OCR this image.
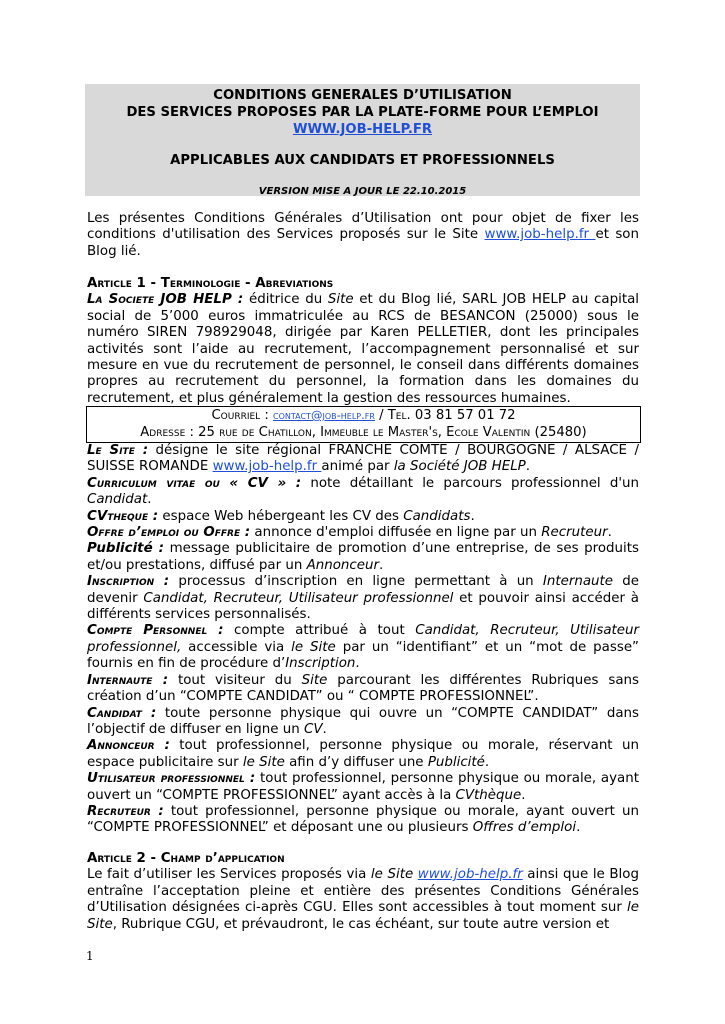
CONDITIONS GENERALES D’UTILISATION
DES SERVICES PROPOSES PAR LA PLATE-FORME POUR L’EMPLOI
WWW.JOB-HELP.FR
APPLICABLES AUX CANDIDATS ET PROFESSIONNELS
VERSION MISE A JOUR LE 22.10.2015

Les présentes Conditions Générales d’Utilisation ont pour objet de fixer les conditions d'utilisation des Services proposés sur le Site www.job-help.fr et son Blog lié.

Article 1 - Terminologie - Abreviations

La Societe JOB HELP : éditrice du Site et du Blog lié, SARL JOB HELP au capital social de 5’000 euros immatriculée au RCS de BESANCON (25000) sous le numéro SIREN 798929048, dirigée par Karen PELLETIER, dont les principales activités sont l’aide au recrutement, l’accompagnement personnalisé et sur mesure en vue du recrutement de personnel, le conseil dans différents domaines propres au recrutement du personnel, la formation dans les domaines du recrutement, et plus généralement la gestion des ressources humaines.

Courriel : contact@job-help.fr / Tel. 03 81 57 01 72
Adresse : 25 rue de Chatillon, Immeuble le Master's, Ecole Valentin (25480)

Le Site : désigne le site régional FRANCHE COMTE / BOURGOGNE / ALSACE / SUISSE ROMANDE www.job-help.fr animé par la Société JOB HELP.

Curriculum vitae ou « CV » : note détaillant le parcours professionnel d'un Candidat.

CVtheque : espace Web hébergeant les CV des Candidats.

Offre d’emploi ou Offre : annonce d'emploi diffusée en ligne par un Recruteur.

Publicité : message publicitaire de promotion d’une entreprise, de ses produits et/ou prestations, diffusé par un Annonceur.

Inscription : processus d’inscription en ligne permettant à un Internaute de devenir Candidat, Recruteur, Utilisateur professionnel et pouvoir ainsi accéder à différents services personnalisés.

Compte Personnel : compte attribué à tout Candidat, Recruteur, Utilisateur professionnel, accessible via le Site par un “identifiant” et un “mot de passe” fournis en fin de procédure d’Inscription.

Internaute : tout visiteur du Site parcourant les différentes Rubriques sans création d’un “COMPTE CANDIDAT” ou “ COMPTE PROFESSIONNEL”.

Candidat : toute personne physique qui ouvre un “COMPTE CANDIDAT” dans l’objectif de diffuser en ligne un CV.

Annonceur : tout professionnel, personne physique ou morale, réservant un espace publicitaire sur le Site afin d’y diffuser une Publicité.

Utilisateur professionnel : tout professionnel, personne physique ou morale, ayant ouvert un “COMPTE PROFESSIONNEL” ayant accès à la CVthèque.

Recruteur : tout professionnel, personne physique ou morale, ayant ouvert un “COMPTE PROFESSIONNEL” et déposant une ou plusieurs Offres d’emploi.

Article 2 - Champ d’application

Le fait d’utiliser les Services proposés via le Site www.job-help.fr ainsi que le Blog entraîne l’acceptation pleine et entière des présentes Conditions Générales d’Utilisation désignées ci-après CGU. Elles sont accessibles à tout moment sur le Site, Rubrique CGU, et prévaudront, le cas échéant, sur toute autre version et

1
